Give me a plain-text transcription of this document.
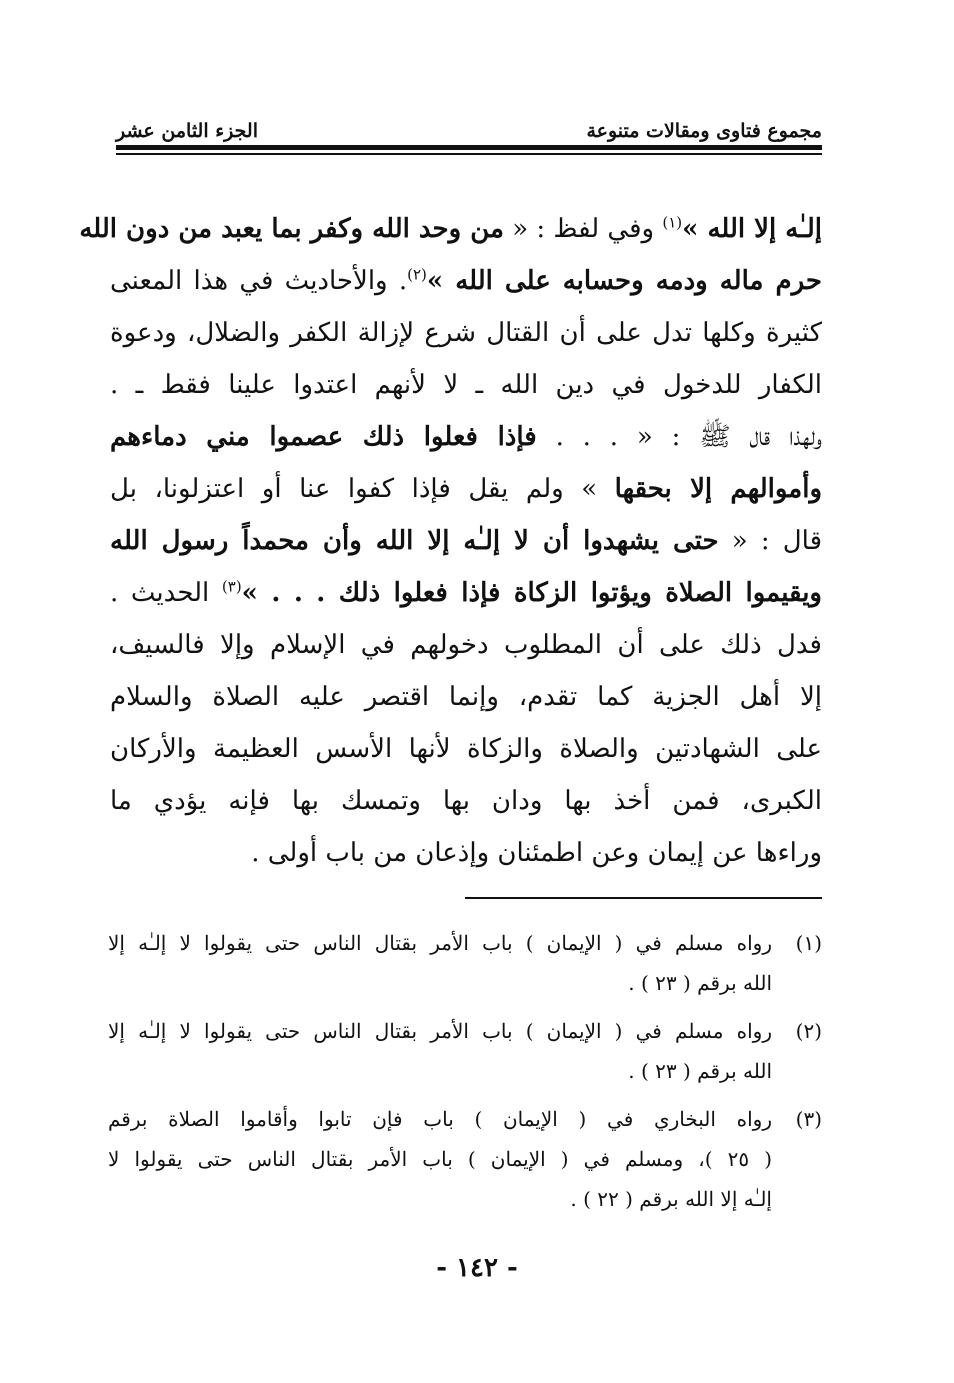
مجموع فتاوى ومقالات متنوعة
الجزء الثامن عشر
إلـٰه إلا الله »$^{(١)}$ وفي لفظ : « من وحد الله وكفر بما يعبد من دون الله
حرم ماله ودمه وحسابه على الله »$^{(٢)}$. والأحاديث في هذا المعنى
كثيرة وكلها تدل على أن القتال شرع لإزالة الكفر والضلال، ودعوة
الكفار للدخول في دين الله ـ لا لأنهم اعتدوا علينا فقط ـ .
ولهذا قال ﷺ : « . . . فإذا فعلوا ذلك عصموا مني دماءهم
وأموالهم إلا بحقها » ولم يقل فإذا كفوا عنا أو اعتزلونا، بل
قال : « حتى يشهدوا أن لا إلـٰه إلا الله وأن محمداً رسول الله
ويقيموا الصلاة ويؤتوا الزكاة فإذا فعلوا ذلك . . . »$^{(٣)}$ الحديث .
فدل ذلك على أن المطلوب دخولهم في الإسلام وإلا فالسيف،
إلا أهل الجزية كما تقدم، وإنما اقتصر عليه الصلاة والسلام
على الشهادتين والصلاة والزكاة لأنها الأسس العظيمة والأركان
الكبرى، فمن أخذ بها ودان بها وتمسك بها فإنه يؤدي ما
وراءها عن إيمان وعن اطمئنان وإذعان من باب أولى .
(١)
رواه مسلم في ( الإيمان ) باب الأمر بقتال الناس حتى يقولوا لا إلـٰه إلا
الله برقم ( ٢٣ ) .
(٢)
رواه مسلم في ( الإيمان ) باب الأمر بقتال الناس حتى يقولوا لا إلـٰه إلا
الله برقم ( ٢٣ ) .
(٣)
رواه البخاري في ( الإيمان ) باب فإن تابوا وأقاموا الصلاة برقم
( ٢٥ )، ومسلم في ( الإيمان ) باب الأمر بقتال الناس حتى يقولوا لا
إلـٰه إلا الله برقم ( ٢٢ ) .
- ١٤٢ -
